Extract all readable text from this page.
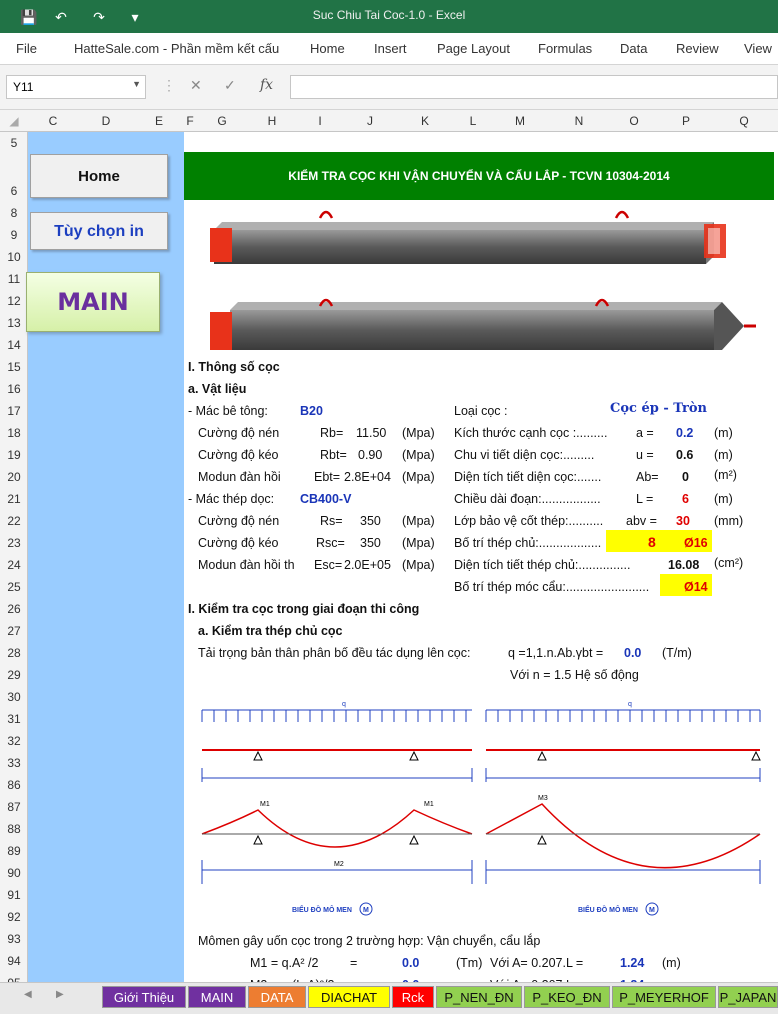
💾 ↶ ↷	▾	Suc Chiu Tai Coc-1.0 - Excel
File	HatteSale.com - Phần mềm kết cấu Home Insert Page Layout Formulas Data Review View
Y11	▼ ⋮ ✕ ✓ fx
◢	C	D	E	F	G	H	I	J	K	L	M	N	O	P	Q
5
6
8
9
10
11
12
13
14
15
16
17
18
19
20
21
22
23
24
25
26
27
28
29
30
31
32
33
86
87
88
89
90
91
92
93
94
Home
Tùy chọn in
MAIN
KIỂM TRA CỌC KHI VẬN CHUYỂN VÀ CẨU LẮP - TCVN 10304-2014
I. Thông số cọc
a. Vật liệu
- Mác bê tông:	B20
Cường độ nén	Rb= 11.50 (Mpa)
Cường độ kéo	Rbt= 0.90 (Mpa)
Modun đàn hồi	Ebt= 2.8E+04 (Mpa)
- Mác thép dọc: CB400-V
Cường độ nén	Rs= 350 (Mpa)
Cường độ kéo	Rsc= 350 (Mpa)
Modun đàn hồi th Esc= 2.0E+05 (Mpa)
Loại cọc :	Cọc ép - Tròn
Kích thước cạnh cọc :......... a = 0.2 (m)
Chu vi tiết diện cọc:.........	u = 0.6 (m)
Diện tích tiết diện cọc:.......	Ab= 0 (m²)
Chiều dài đoạn:.................	L = 6 (m)
Lớp bảo vệ cốt thép:.......... abv = 30 (mm)
Bố trí thép chủ:..................	8 Ø16
Diện tích tiết thép chủ:...............	16.08 (cm²)
Bố trí thép móc cẩu:........................	Ø14
I. Kiểm tra cọc trong giai đoạn thi công
a. Kiểm tra thép chủ cọc
Tải trọng bản thân phân bố đều tác dụng lên cọc:	q =1,1.n.Ab.γbt = 0.0 (T/m)
Với n = 1.5 Hệ số động
q	q
M1	M1
M2
M3
BIỂU ĐỒ MÔ MEN M	BIỂU ĐỒ MÔ MEN M
Mômen gây uốn cọc trong 2 trường hợp: Vận chuyển, cẩu lắp
M1 = q.A² /2	=	0.0	(Tm) Với A= 0.207.L =	1.24 (m)
◀ ▶	Giới Thiệu	MAIN	DATA	DIACHAT	Rck	P_NEN_ĐN	P_KEO_ĐN	P_MEYERHOF P_JAPAN
